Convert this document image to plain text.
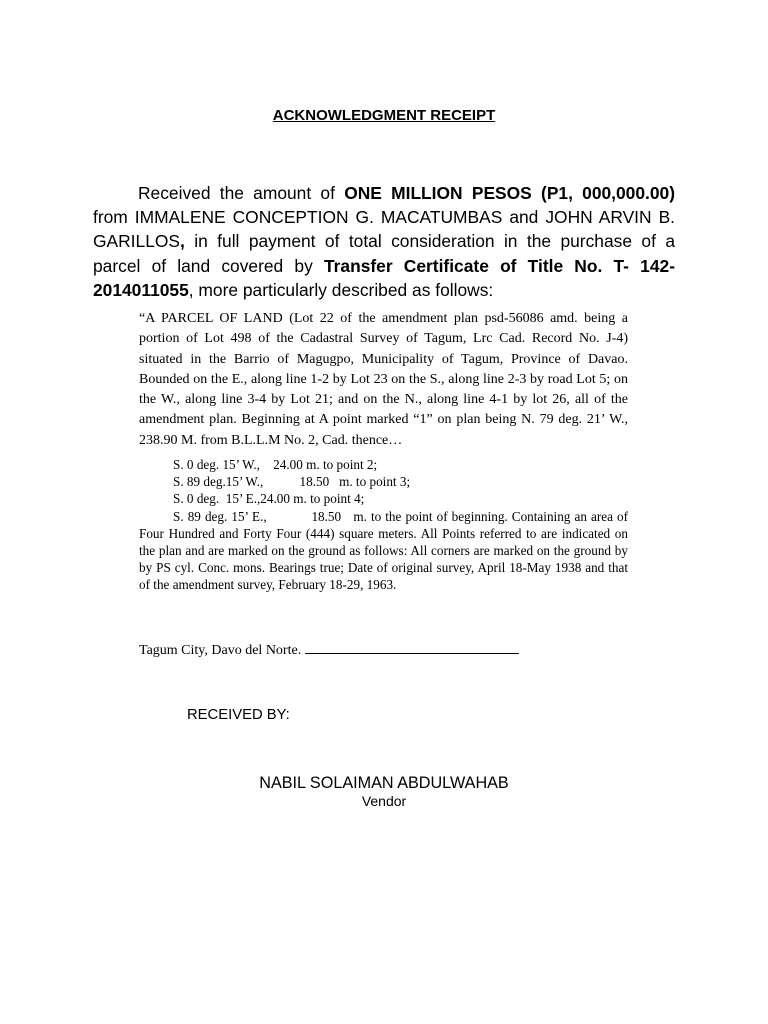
ACKNOWLEDGMENT RECEIPT

Received the amount of ONE MILLION PESOS (P1, 000,000.00) from IMMALENE CONCEPTION G. MACATUMBAS and JOHN ARVIN B. GARILLOS, in full payment of total consideration in the purchase of a parcel of land covered by Transfer Certificate of Title No. T- 142-2014011055, more particularly described as follows:

“A PARCEL OF LAND (Lot 22 of the amendment plan psd-56086 amd. being a portion of Lot 498 of the Cadastral Survey of Tagum, Lrc Cad. Record No. J-4) situated in the Barrio of Magugpo, Municipality of Tagum, Province of Davao. Bounded on the E., along line 1-2 by Lot 23 on the S., along line 2-3 by road Lot 5; on the W., along line 3-4 by Lot 21; and on the N., along line 4-1 by lot 26, all of the amendment plan. Beginning at A point marked “1” on plan being N. 79 deg. 21’ W., 238.90 M. from B.L.L.M No. 2, Cad. thence…

S. 0 deg. 15’ W.,    24.00 m. to point 2;
S. 89 deg.15’ W.,           18.50   m. to point 3;
S. 0 deg.  15’ E.,24.00 m. to point 4;
S. 89 deg. 15’ E.,           18.50   m. to the point of beginning. Containing an area of Four Hundred and Forty Four (444) square meters. All Points referred to are indicated on the plan and are marked on the ground as follows: All corners are marked on the ground by by PS cyl. Conc. mons. Bearings true; Date of original survey, April 18-May 1938 and that of the amendment survey, February 18-29, 1963.
Tagum City, Davo del Norte.
RECEIVED BY:
NABIL SOLAIMAN ABDULWAHAB
Vendor
